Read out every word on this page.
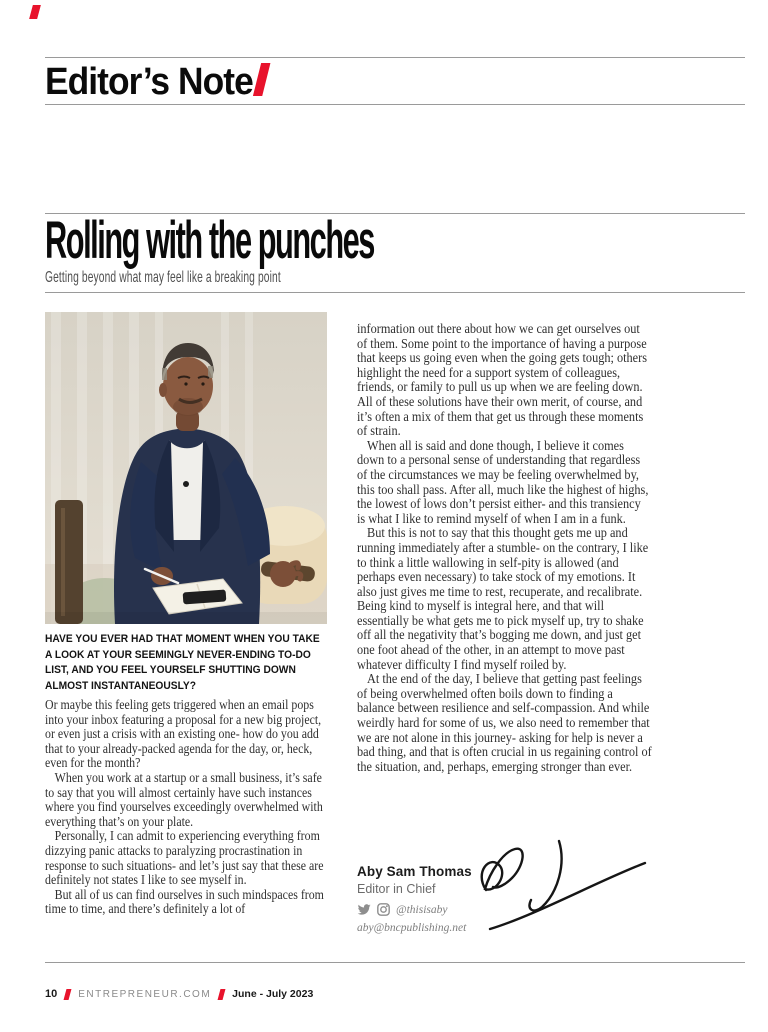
Editor’s Note
Rolling with the punches
Getting beyond what may feel like a breaking point
HAVE YOU EVER HAD THAT MOMENT WHEN YOU TAKE A LOOK AT YOUR SEEMINGLY NEVER-ENDING TO-DO LIST, AND YOU FEEL YOURSELF SHUTTING DOWN ALMOST INSTANTANEOUSLY?

Or maybe this feeling gets triggered when an email pops into your inbox featuring a proposal for a new big project, or even just a crisis with an existing one- how do you add that to your already-packed agenda for the day, or, heck, even for the month?

When you work at a startup or a small business, it’s safe to say that you will almost certainly have such instances where you find yourselves exceedingly overwhelmed with everything that’s on your plate.

Personally, I can admit to experiencing everything from dizzying panic attacks to paralyzing procrastination in response to such situations- and let’s just say that these are definitely not states I like to see myself in.

But all of us can find ourselves in such mindspaces from time to time, and there’s definitely a lot of

information out there about how we can get ourselves out of them. Some point to the importance of having a purpose that keeps us going even when the going gets tough; others highlight the need for a support system of colleagues, friends, or family to pull us up when we are feeling down. All of these solutions have their own merit, of course, and it’s often a mix of them that get us through these moments of strain.

When all is said and done though, I believe it comes down to a personal sense of understanding that regardless of the circumstances we may be feeling overwhelmed by, this too shall pass. After all, much like the highest of highs, the lowest of lows don’t persist either- and this transiency is what I like to remind myself of when I am in a funk.

But this is not to say that this thought gets me up and running immediately after a stumble- on the contrary, I like to think a little wallowing in self-pity is allowed (and perhaps even necessary) to take stock of my emotions. It also just gives me time to rest, recuperate, and recalibrate. Being kind to myself is integral here, and that will essentially be what gets me to pick myself up, try to shake off all the negativity that’s bogging me down, and just get one foot ahead of the other, in an attempt to move past whatever difficulty I find myself roiled by.

At the end of the day, I believe that getting past feelings of being overwhelmed often boils down to finding a balance between resilience and self-compassion. And while weirdly hard for some of us, we also need to remember that we are not alone in this journey- asking for help is never a bad thing, and that is often crucial in us regaining control of the situation, and, perhaps, emerging stronger than ever.

Aby Sam Thomas
Editor in Chief
@thisisaby
aby@bncpublishing.net
10 ENTREPRENEUR.COM June - July 2023
